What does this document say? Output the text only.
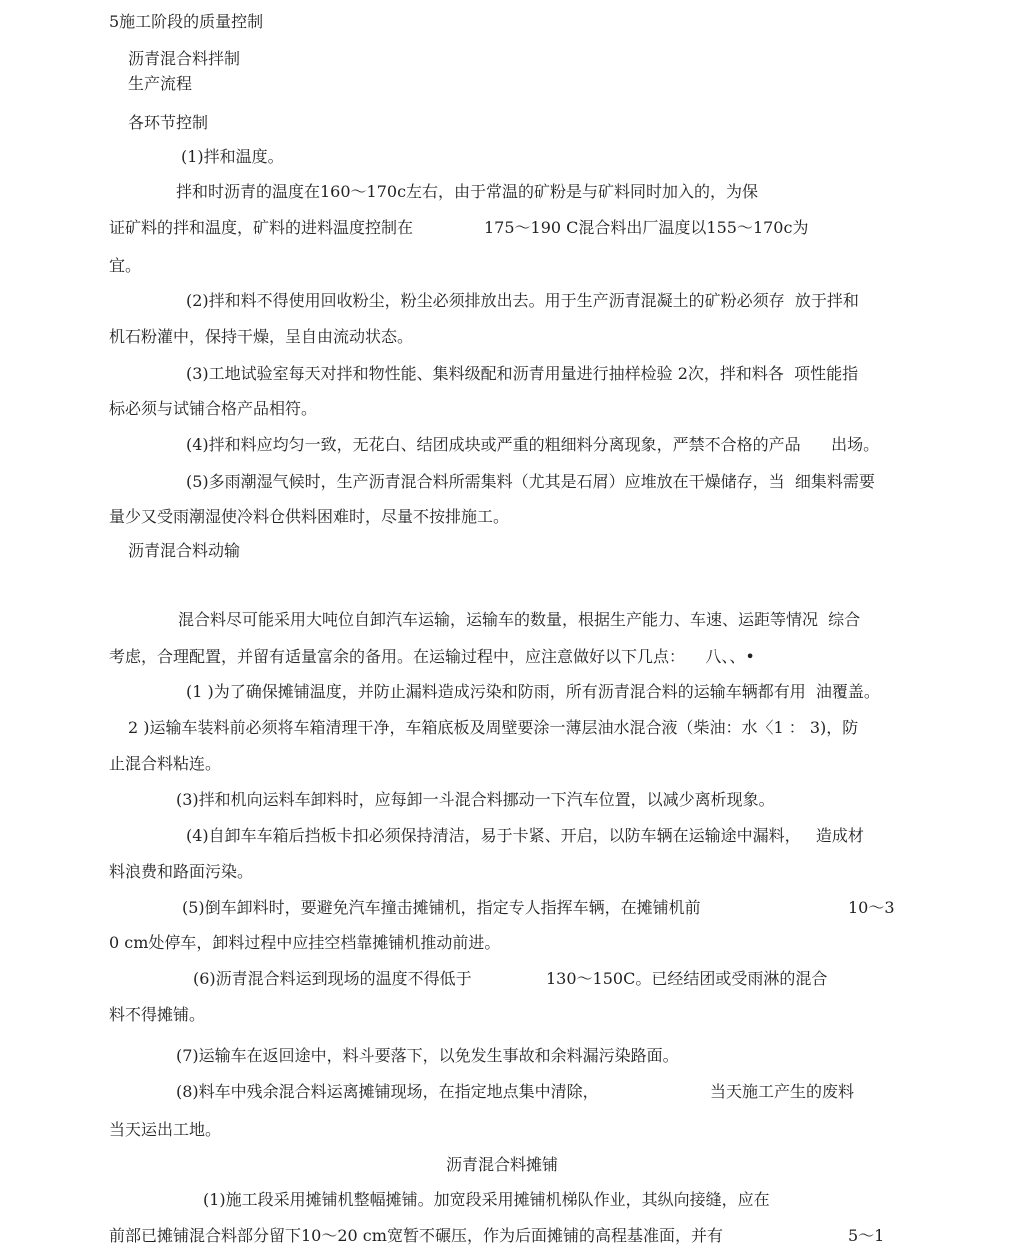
5施工阶段的质量控制
沥青混合料拌制
生产流程
各环节控制
(1)拌和温度。
拌和时沥青的温度在160〜170c左右，由于常温的矿粉是与矿料同时加入的，为保
证矿料的拌和温度，矿料的进料温度控制在	175〜190 C混合料出厂温度以155〜170c为
宜。
(2)拌和料不得使用回收粉尘，粉尘必须排放出去。用于生产沥青混凝土的矿粉必须存  放于拌和
机石粉灌中，保持干燥，呈自由流动状态。
(3)工地试验室每天对拌和物性能、集料级配和沥青用量进行抽样检验 2次，拌和料各  项性能指
标必须与试铺合格产品相符。
(4)拌和料应均匀一致，无花白、结团成块或严重的粗细料分离现象，严禁不合格的产品      出场。
(5)多雨潮湿气候时，生产沥青混合料所需集料（尤其是石屑）应堆放在干燥储存，当  细集料需要
量少又受雨潮湿使冷料仓供料困难时，尽量不按排施工。
沥青混合料动输
混合料尽可能采用大吨位自卸汽车运输，运输车的数量，根据生产能力、车速、运距等情况  综合
考虑，合理配置，并留有适量富余的备用。在运输过程中，应注意做好以下几点：    八、、•
(1 )为了确保摊铺温度，并防止漏料造成污染和防雨，所有沥青混合料的运输车辆都有用  油覆盖。
2 )运输车装料前必须将车箱清理干净，车箱底板及周壁要涂一薄层油水混合液（柴油：水〈1 ： 3)，防
止混合料粘连。
(3)拌和机向运料车卸料时，应每卸一斗混合料挪动一下汽车位置，以减少离析现象。
(4)自卸车车箱后挡板卡扣必须保持清洁，易于卡紧、开启，以防车辆在运输途中漏料，   造成材
料浪费和路面污染。
(5)倒车卸料时，要避免汽车撞击摊铺机，指定专人指挥车辆，在摊铺机前	10〜3
0 cm处停车，卸料过程中应挂空档靠摊铺机推动前进。
(6)沥青混合料运到现场的温度不得低于	130〜150C。已经结团或受雨淋的混合
料不得摊铺。
(7)运输车在返回途中，料斗要落下，以免发生事故和余料漏污染路面。
(8)料车中残余混合料运离摊铺现场，在指定地点集中清除，	当天施工产生的废料
当天运出工地。
沥青混合料摊铺
(1)施工段采用摊铺机整幅摊铺。加宽段采用摊铺机梯队作业，其纵向接缝，应在
前部已摊铺混合料部分留下10〜20 cm宽暂不碾压，作为后面摊铺的高程基准面，并有	5〜1
